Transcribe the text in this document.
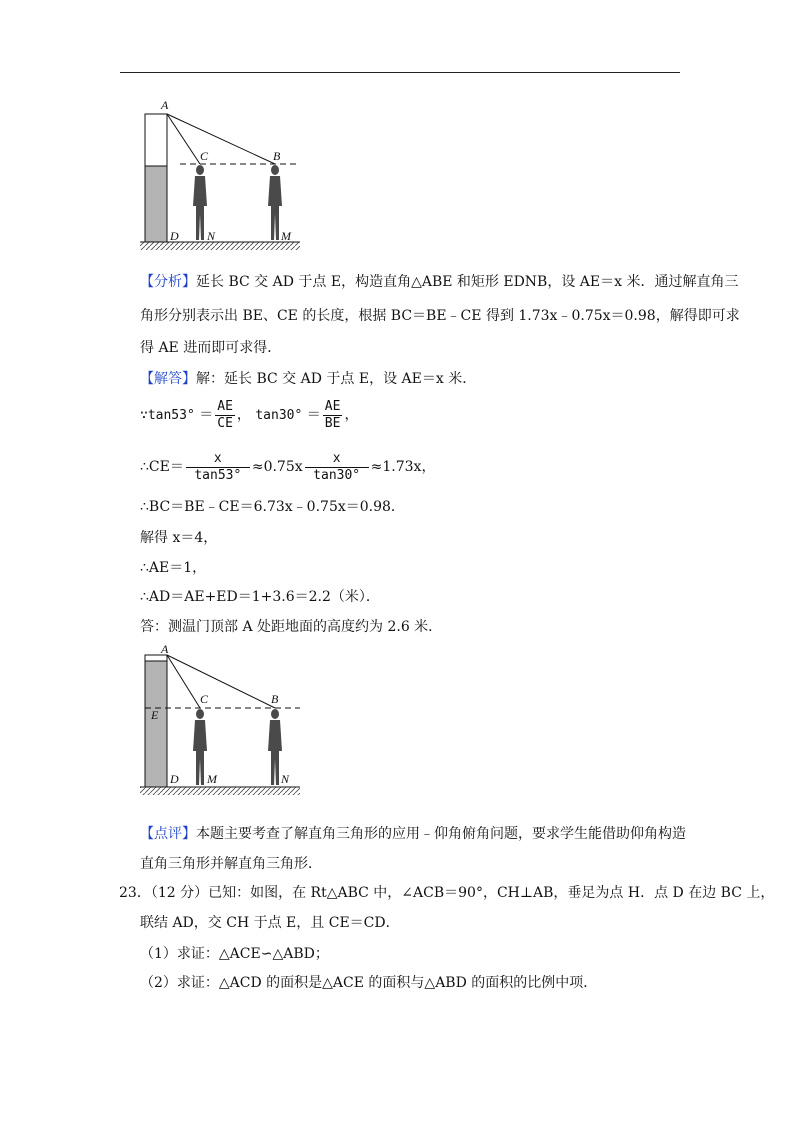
A
C	B
D N	M
【分析】延长 BC 交 AD 于点 E，构造直角△ABE 和矩形 EDNB，设 AE＝x 米．通过解直角三
角形分别表示出 BE、CE 的长度，根据 BC＝BE﹣CE 得到 1.73x﹣0.75x＝0.98，解得即可求
得 AE 进而即可求得．
【解答】解：延长 BC 交 AD 于点 E，设 AE＝x 米．
∵tan53° ＝ $\frac{AE}{CE}$ ， $\tan 30^\circ = \frac{AE}{BE}$ ，
∴CE＝ $\frac{x}{\tan 53^\circ} \approx 0.75x \frac{x}{\tan 30^\circ} \approx 1.73x$，
∴BC＝BE﹣CE＝6.73x﹣0.75x＝0.98．
解得 x＝4，
∴AE＝1，
∴AD＝AE+ED＝1+3.6＝2.2（米）．
答：测温门顶部 A 处距地面的高度约为 2.6 米．
A
C	B
E
D M	N
【点评】本题主要考查了解直角三角形的应用﹣仰角俯角问题，要求学生能借助仰角构造
直角三角形并解直角三角形．
23．（12 分）已知：如图，在 Rt△ABC 中，∠ACB＝90°，CH⊥AB，垂足为点 H．点 D 在边 BC 上，
联结 AD，交 CH 于点 E，且 CE＝CD．
（1）求证：△ACE∽△ABD；
（2）求证：△ACD 的面积是△ACE 的面积与△ABD 的面积的比例中项．
